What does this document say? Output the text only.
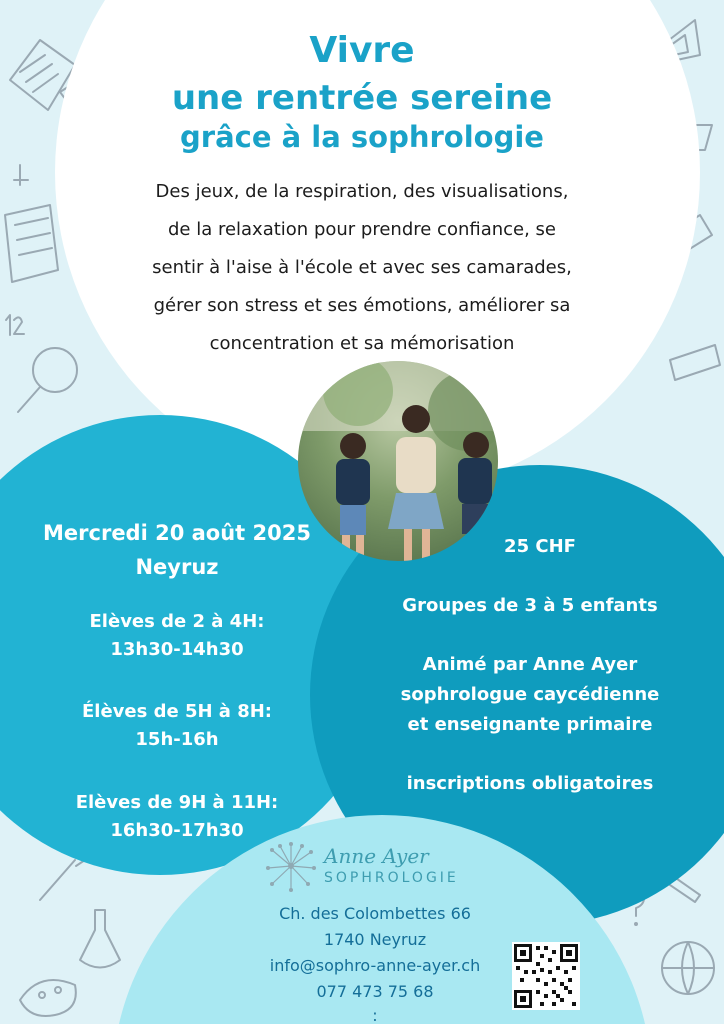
Vivre
une rentrée sereine
grâce à la sophrologie
Des jeux, de la respiration, des visualisations,
de la relaxation pour prendre confiance, se
sentir à l'aise à l'école et avec ses camarades,
gérer son stress et ses émotions, améliorer sa
concentration et sa mémorisation
Mercredi 20 août 2025
Neyruz
Elèves de 2 à 4H:
13h30-14h30
Élèves de 5H à 8H:
15h-16h
Elèves de 9H à 11H:
16h30-17h30
25 CHF
Groupes de 3 à 5 enfants
Animé par Anne Ayer
sophrologue caycédienne
et enseignante primaire
inscriptions obligatoires
Anne Ayer
SOPHROLOGIE
Ch. des Colombettes 66
1740 Neyruz
info@sophro-anne-ayer.ch
077 473 75 68
:
